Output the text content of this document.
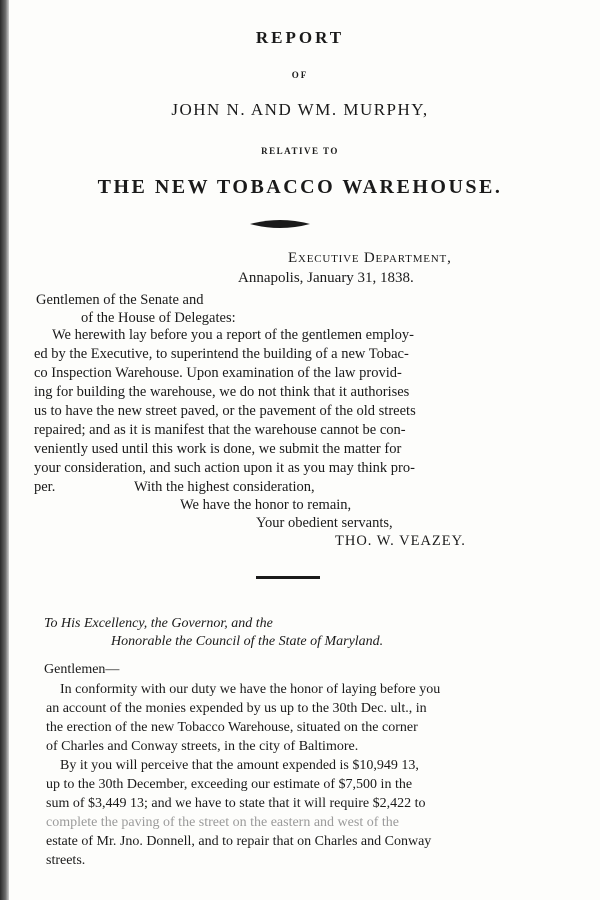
REPORT
OF
JOHN N. AND WM. MURPHY,
RELATIVE TO
THE NEW TOBACCO WAREHOUSE.
Executive Department,
Annapolis, January 31, 1838.
Gentlemen of the Senate and
of the House of Delegates:
We herewith lay before you a report of the gentlemen employ-
ed by the Executive, to superintend the building of a new Tobac-
co Inspection Warehouse. Upon examination of the law provid-
ing for building the warehouse, we do not think that it authorises
us to have the new street paved, or the pavement of the old streets
repaired; and as it is manifest that the warehouse cannot be con-
veniently used until this work is done, we submit the matter for
your consideration, and such action upon it as you may think pro-
per.	With the highest consideration,
We have the honor to remain,
Your obedient servants,
THO. W. VEAZEY.
To His Excellency, the Governor, and the
Honorable the Council of the State of Maryland.
Gentlemen—
In conformity with our duty we have the honor of laying before you
an account of the monies expended by us up to the 30th Dec. ult., in
the erection of the new Tobacco Warehouse, situated on the corner
of Charles and Conway streets, in the city of Baltimore.
By it you will perceive that the amount expended is $10,949 13,
up to the 30th December, exceeding our estimate of $7,500 in the
sum of $3,449 13; and we have to state that it will require $2,422 to
complete the paving of the street on the eastern and west of the
estate of Mr. Jno. Donnell, and to repair that on Charles and Conway
streets.
